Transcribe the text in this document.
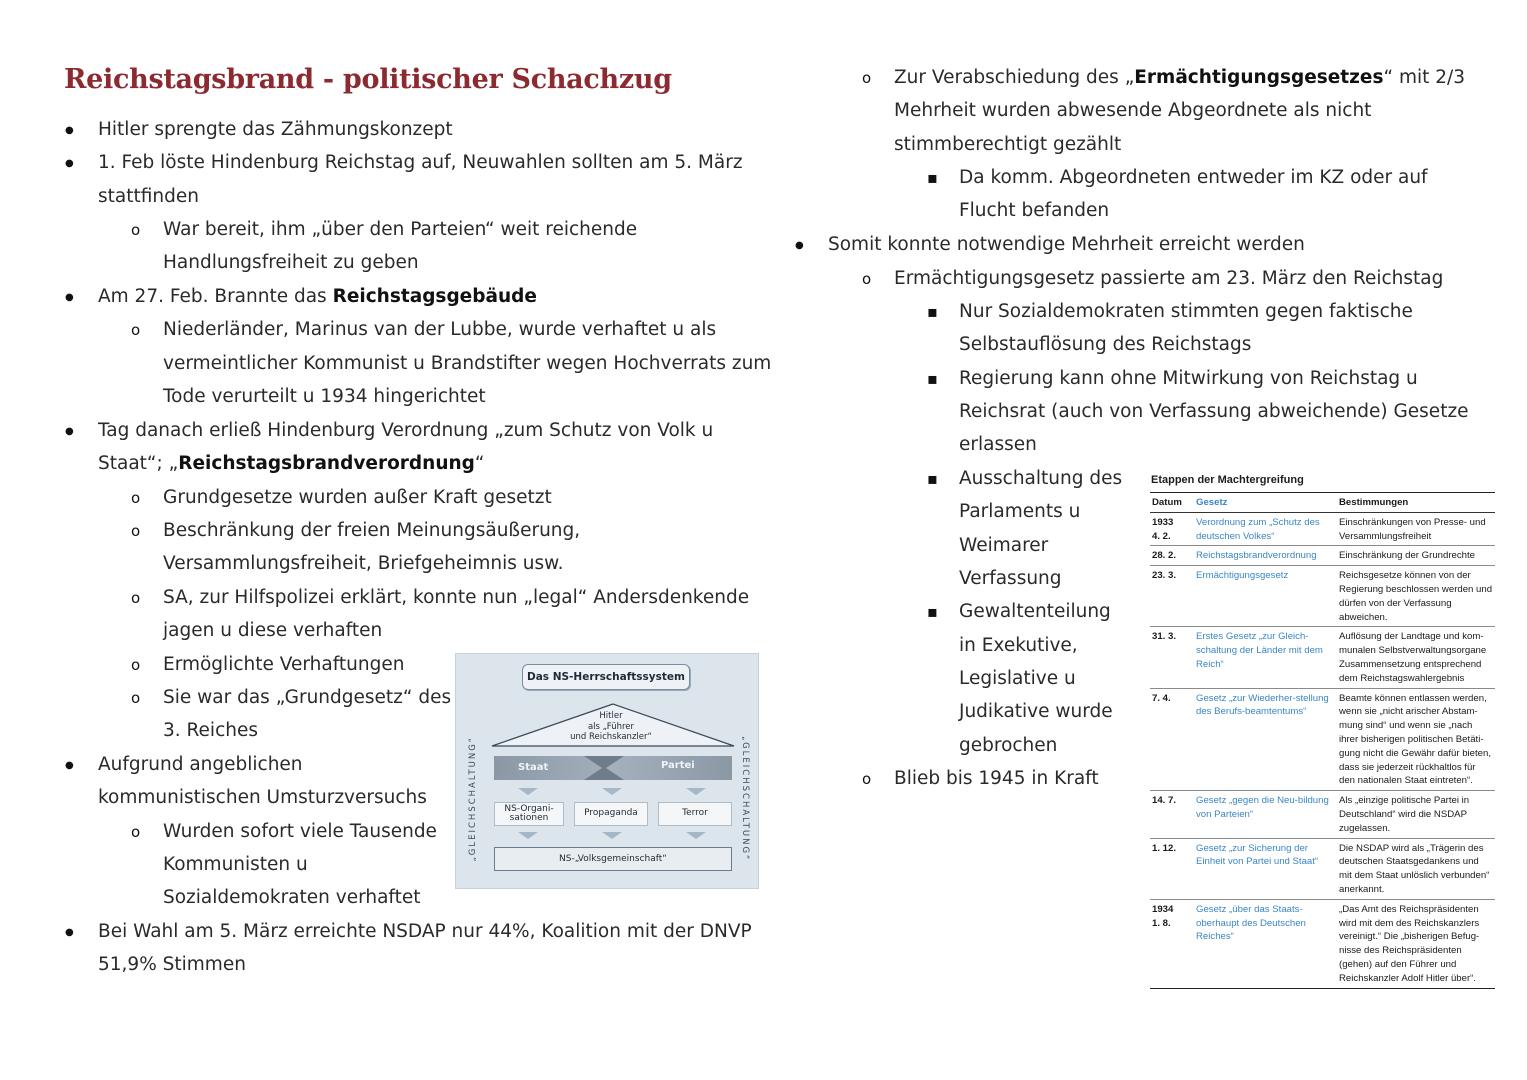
Reichstagsbrand - politischer Schachzug
●
Hitler sprengte das Zähmungskonzept
●
1. Feb löste Hindenburg Reichstag auf, Neuwahlen sollten am 5. März
stattfinden
o
War bereit, ihm „über den Parteien“ weit reichende
Handlungsfreiheit zu geben
●
Am 27. Feb. Brannte das Reichstagsgebäude
o
Niederländer, Marinus van der Lubbe, wurde verhaftet u als
vermeintlicher Kommunist u Brandstifter wegen Hochverrats zum
Tode verurteilt u 1934 hingerichtet
●
Tag danach erließ Hindenburg Verordnung „zum Schutz von Volk u
Staat“; „Reichstagsbrandverordnung“
o
Grundgesetze wurden außer Kraft gesetzt
o
Beschränkung der freien Meinungsäußerung,
Versammlungsfreiheit, Briefgeheimnis usw.
o
SA, zur Hilfspolizei erklärt, konnte nun „legal“ Andersdenkende
jagen u diese verhaften
o
Ermöglichte Verhaftungen
o
Sie war das „Grundgesetz“ des
3. Reiches
●
Aufgrund angeblichen
kommunistischen Umsturzversuchs
o
Wurden sofort viele Tausende
Kommunisten u
Sozialdemokraten verhaftet
●
Bei Wahl am 5. März erreichte NSDAP nur 44%, Koalition mit der DNVP
51,9% Stimmen
Das NS-Herrschaftssystem
Hitler
als „Führer
und Reichskanzler“
Staat	Partei
NS-Organi-
sationen	Propaganda	Terror
NS-„Volksgemeinschaft“
„GLEICHSCHALTUNG“	„GLEICHSCHALTUNG“
o
Zur Verabschiedung des „Ermächtigungsgesetzes“ mit 2/3
Mehrheit wurden abwesende Abgeordnete als nicht
stimmberechtigt gezählt
▪
Da komm. Abgeordneten entweder im KZ oder auf
Flucht befanden
●
Somit konnte notwendige Mehrheit erreicht werden
o
Ermächtigungsgesetz passierte am 23. März den Reichstag
▪
Nur Sozialdemokraten stimmten gegen faktische
Selbstauflösung des Reichstags
▪
Regierung kann ohne Mitwirkung von Reichstag u
Reichsrat (auch von Verfassung abweichende) Gesetze
erlassen
▪
Ausschaltung des
Parlaments u
Weimarer
Verfassung
▪
Gewaltenteilung
in Exekutive,
Legislative u
Judikative wurde
gebrochen
o
Blieb bis 1945 in Kraft
Etappen der Machtergreifung
Datum	Gesetz	Bestimmungen
1933
4. 2.	Verordnung zum „Schutz des deutschen Volkes“	Einschränkungen von Presse- und Versammlungsfreiheit
28. 2.	Reichstagsbrandverordnung	Einschränkung der Grundrechte
23. 3.	Ermächtigungsgesetz	Reichsgesetze können von der Regierung beschlossen werden und dürfen von der Verfassung abweichen.
31. 3.	Erstes Gesetz „zur Gleich-schaltung der Länder mit dem Reich“	Auflösung der Landtage und kom-munalen Selbstverwaltungsorgane Zusammensetzung entsprechend dem Reichstagswahlergebnis
7. 4.	Gesetz „zur Wiederher-stellung des Berufs-beamtentums“	Beamte können entlassen werden, wenn sie „nicht arischer Abstam-mung sind“ und wenn sie „nach ihrer bisherigen politischen Betäti-gung nicht die Gewähr dafür bieten, dass sie jederzeit rückhaltlos für den nationalen Staat eintreten“.
14. 7.	Gesetz „gegen die Neu-bildung von Parteien“	Als „einzige politische Partei in Deutschland“ wird die NSDAP zugelassen.
1. 12.	Gesetz „zur Sicherung der Einheit von Partei und Staat“	Die NSDAP wird als „Trägerin des deutschen Staatsgedankens und mit dem Staat unlöslich verbunden“ anerkannt.
1934
1. 8.	Gesetz „über das Staats-oberhaupt des Deutschen Reiches“	„Das Amt des Reichspräsidenten wird mit dem des Reichskanzlers vereinigt.“ Die „bisherigen Befug-nisse des Reichspräsidenten (gehen) auf den Führer und Reichskanzler Adolf Hitler über“.
